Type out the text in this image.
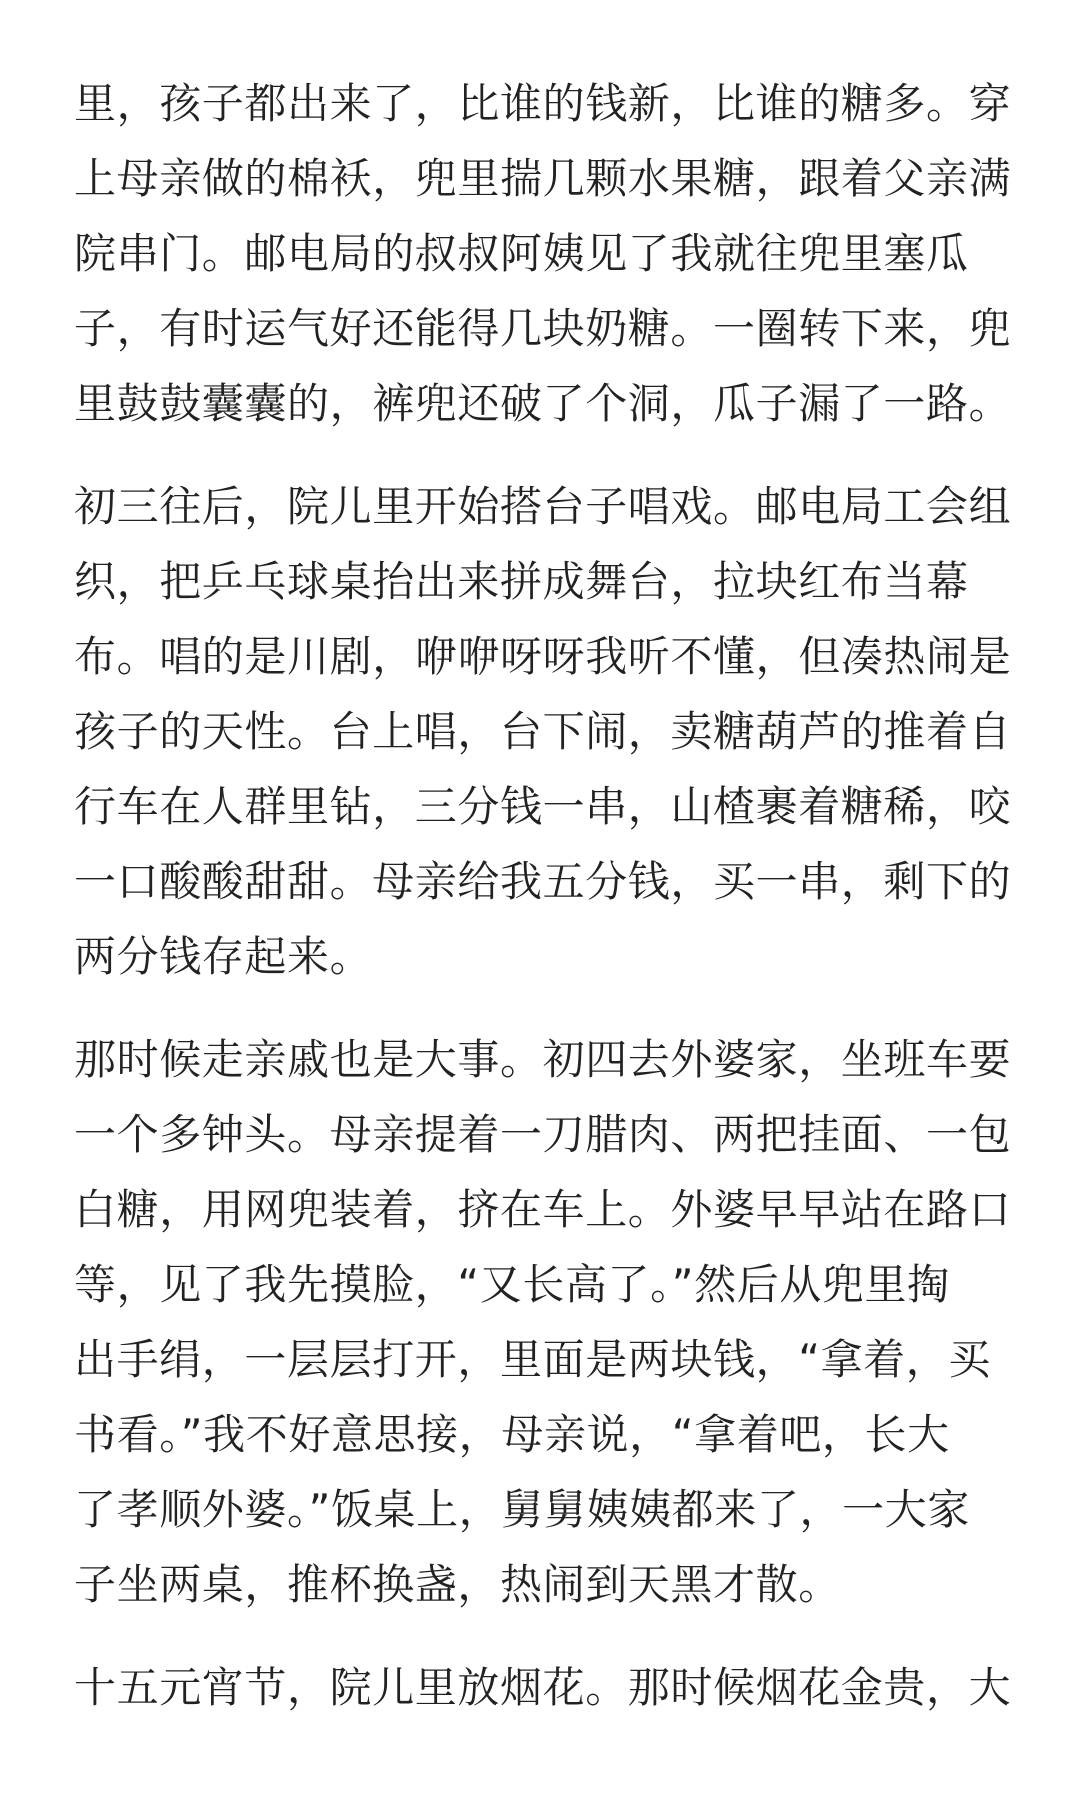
里，孩子都出来了，比谁的钱新，比谁的糖多。穿
上母亲做的棉袄，兜里揣几颗水果糖，跟着父亲满
院串门。邮电局的叔叔阿姨见了我就往兜里塞瓜
子，有时运气好还能得几块奶糖。一圈转下来，兜
里鼓鼓囊囊的，裤兜还破了个洞，瓜子漏了一路。

初三往后，院儿里开始搭台子唱戏。邮电局工会组
织，把乒乓球桌抬出来拼成舞台，拉块红布当幕
布。唱的是川剧，咿咿呀呀我听不懂，但凑热闹是
孩子的天性。台上唱，台下闹，卖糖葫芦的推着自
行车在人群里钻，三分钱一串，山楂裹着糖稀，咬
一口酸酸甜甜。母亲给我五分钱，买一串，剩下的
两分钱存起来。

那时候走亲戚也是大事。初四去外婆家，坐班车要
一个多钟头。母亲提着一刀腊肉、两把挂面、一包
白糖，用网兜装着，挤在车上。外婆早早站在路口
等，见了我先摸脸，“又长高了。”然后从兜里掏
出手绢，一层层打开，里面是两块钱，“拿着，买
书看。”我不好意思接，母亲说，“拿着吧，长大
了孝顺外婆。”饭桌上，舅舅姨姨都来了，一大家
子坐两桌，推杯换盏，热闹到天黑才散。

十五元宵节，院儿里放烟花。那时候烟花金贵，大
